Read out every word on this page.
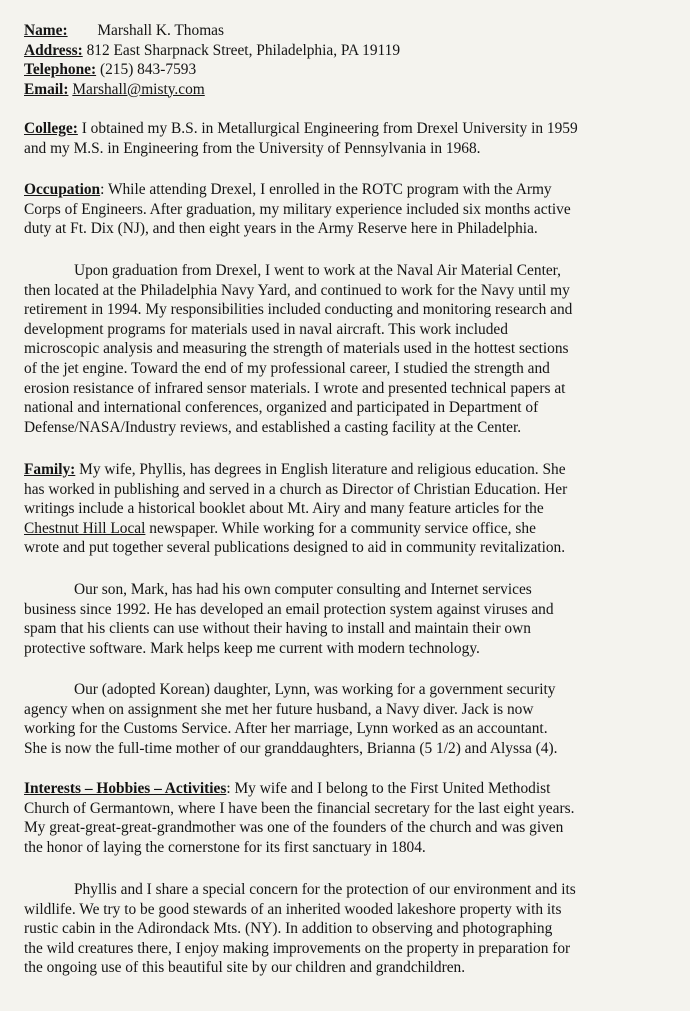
Name: Marshall K. Thomas
Address: 812 East Sharpnack Street, Philadelphia, PA 19119
Telephone: (215) 843-7593
Email: Marshall@misty.com
College: I obtained my B.S. in Metallurgical Engineering from Drexel University in 1959
and my M.S. in Engineering from the University of Pennsylvania in 1968.
Occupation: While attending Drexel, I enrolled in the ROTC program with the Army
Corps of Engineers. After graduation, my military experience included six months active
duty at Ft. Dix (NJ), and then eight years in the Army Reserve here in Philadelphia.
Upon graduation from Drexel, I went to work at the Naval Air Material Center,
then located at the Philadelphia Navy Yard, and continued to work for the Navy until my
retirement in 1994. My responsibilities included conducting and monitoring research and
development programs for materials used in naval aircraft. This work included
microscopic analysis and measuring the strength of materials used in the hottest sections
of the jet engine. Toward the end of my professional career, I studied the strength and
erosion resistance of infrared sensor materials. I wrote and presented technical papers at
national and international conferences, organized and participated in Department of
Defense/NASA/Industry reviews, and established a casting facility at the Center.
Family: My wife, Phyllis, has degrees in English literature and religious education. She
has worked in publishing and served in a church as Director of Christian Education. Her
writings include a historical booklet about Mt. Airy and many feature articles for the
Chestnut Hill Local newspaper. While working for a community service office, she
wrote and put together several publications designed to aid in community revitalization.
Our son, Mark, has had his own computer consulting and Internet services
business since 1992. He has developed an email protection system against viruses and
spam that his clients can use without their having to install and maintain their own
protective software. Mark helps keep me current with modern technology.
Our (adopted Korean) daughter, Lynn, was working for a government security
agency when on assignment she met her future husband, a Navy diver. Jack is now
working for the Customs Service. After her marriage, Lynn worked as an accountant.
She is now the full-time mother of our granddaughters, Brianna (5 1/2) and Alyssa (4).
Interests – Hobbies – Activities: My wife and I belong to the First United Methodist
Church of Germantown, where I have been the financial secretary for the last eight years.
My great-great-great-grandmother was one of the founders of the church and was given
the honor of laying the cornerstone for its first sanctuary in 1804.
Phyllis and I share a special concern for the protection of our environment and its
wildlife. We try to be good stewards of an inherited wooded lakeshore property with its
rustic cabin in the Adirondack Mts. (NY). In addition to observing and photographing
the wild creatures there, I enjoy making improvements on the property in preparation for
the ongoing use of this beautiful site by our children and grandchildren.
